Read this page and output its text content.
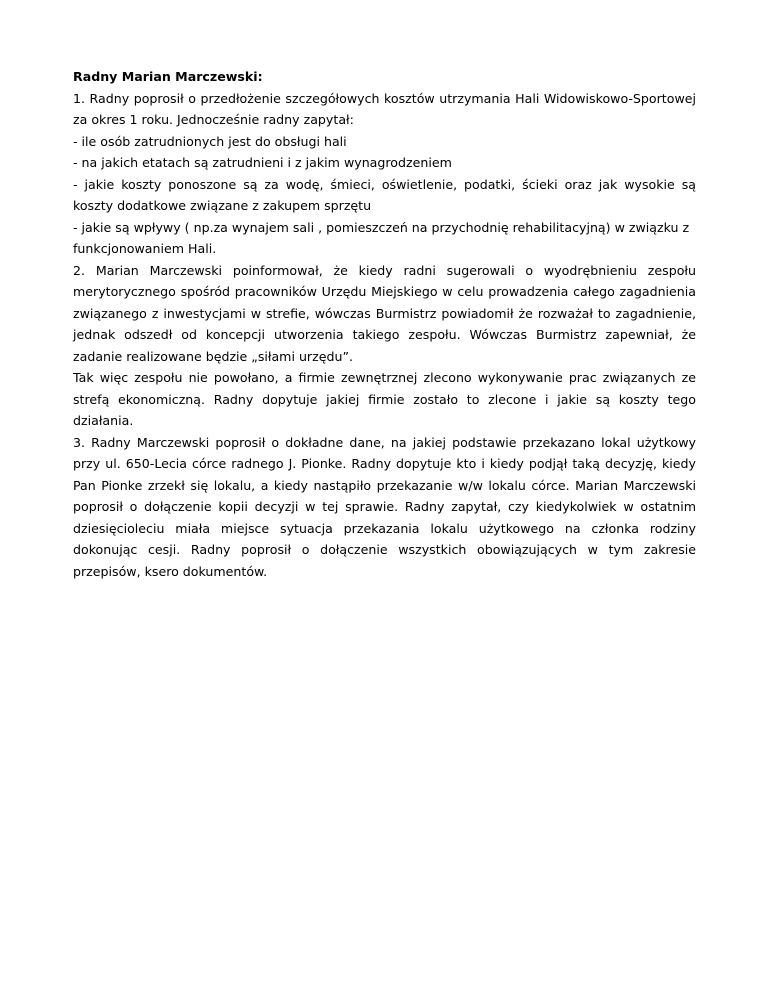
Radny Marian Marczewski:

1. Radny poprosił o przedłożenie szczegółowych kosztów utrzymania Hali Widowiskowo-Sportowej za okres 1 roku. Jednocześnie radny zapytał:

- ile osób zatrudnionych jest do obsługi hali

- na jakich etatach są zatrudnieni i z jakim wynagrodzeniem

- jakie koszty ponoszone są za wodę, śmieci, oświetlenie, podatki, ścieki oraz jak wysokie są koszty dodatkowe związane z zakupem sprzętu

- jakie są wpływy ( np.za wynajem sali , pomieszczeń na przychodnię rehabilitacyjną) w związku z funkcjonowaniem Hali.

2. Marian Marczewski poinformował, że kiedy radni sugerowali o wyodrębnieniu zespołu merytorycznego spośród pracowników Urzędu Miejskiego w celu prowadzenia całego zagadnienia związanego z inwestycjami w strefie, wówczas Burmistrz powiadomił że rozważał to zagadnienie, jednak odszedł od koncepcji utworzenia takiego zespołu. Wówczas Burmistrz zapewniał, że zadanie realizowane będzie „siłami urzędu”.

Tak więc zespołu nie powołano, a firmie zewnętrznej zlecono wykonywanie prac związanych ze strefą ekonomiczną. Radny dopytuje jakiej firmie zostało to zlecone i jakie są koszty tego działania.

3. Radny Marczewski poprosił o dokładne dane, na jakiej podstawie przekazano lokal użytkowy przy ul. 650-Lecia córce radnego J. Pionke. Radny dopytuje kto i kiedy podjął taką decyzję, kiedy Pan Pionke zrzekł się lokalu, a kiedy nastąpiło przekazanie w/w lokalu córce. Marian Marczewski poprosił o dołączenie kopii decyzji w tej sprawie. Radny zapytał, czy kiedykolwiek w ostatnim dziesięcioleciu miała miejsce sytuacja przekazania lokalu użytkowego na członka rodziny dokonując cesji. Radny poprosił o dołączenie wszystkich obowiązujących w tym zakresie przepisów, ksero dokumentów.
